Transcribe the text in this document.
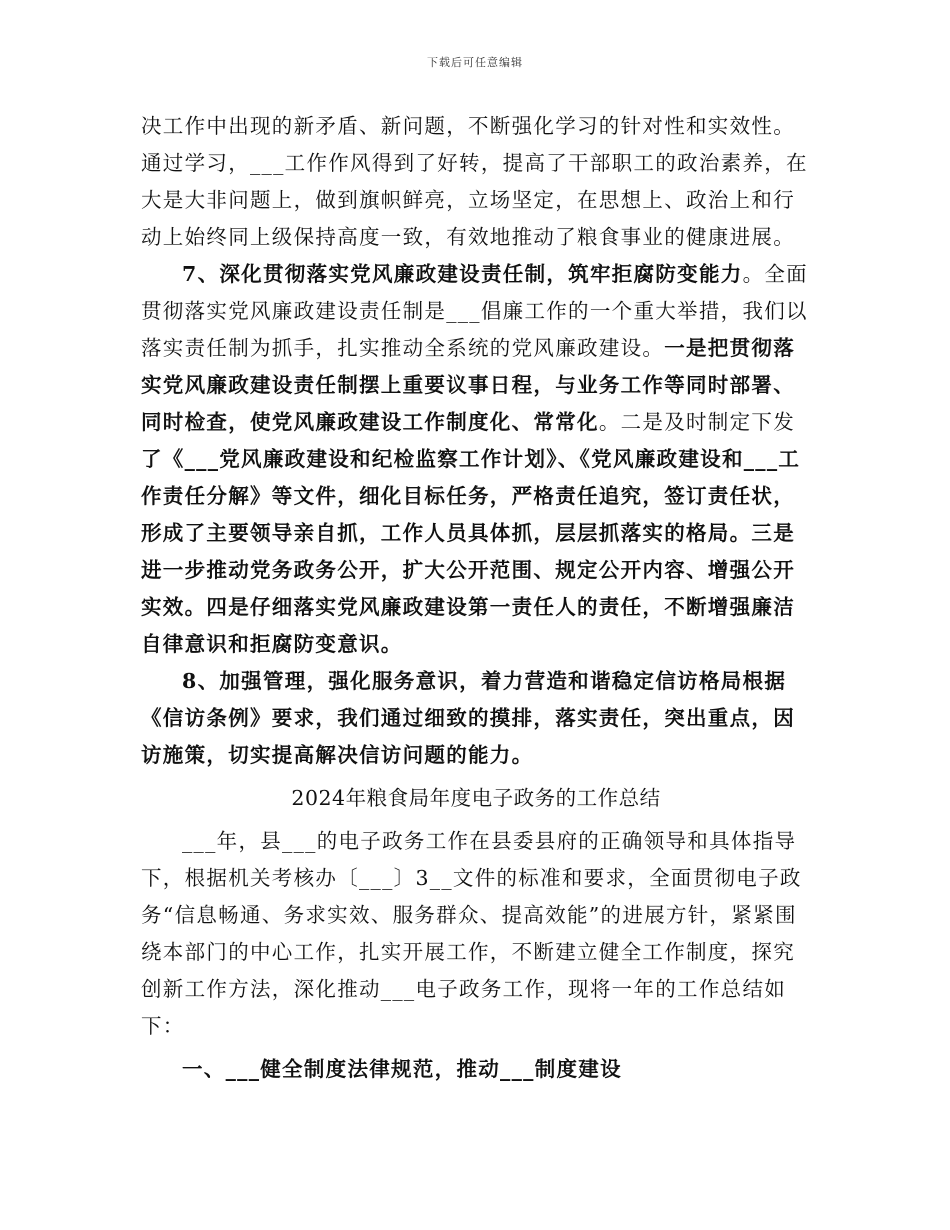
下载后可任意编辑

决工作中出现的新矛盾、新问题，不断强化学习的针对性和实效性。通过学习，___工作作风得到了好转，提高了干部职工的政治素养，在大是大非问题上，做到旗帜鲜亮，立场坚定，在思想上、政治上和行动上始终同上级保持高度一致，有效地推动了粮食事业的健康进展。

7、深化贯彻落实党风廉政建设责任制，筑牢拒腐防变能力。全面贯彻落实党风廉政建设责任制是___倡廉工作的一个重大举措，我们以落实责任制为抓手，扎实推动全系统的党风廉政建设。一是把贯彻落实党风廉政建设责任制摆上重要议事日程，与业务工作等同时部署、同时检查，使党风廉政建设工作制度化、常常化。二是及时制定下发了《___党风廉政建设和纪检监察工作计划》、《党风廉政建设和___工作责任分解》等文件，细化目标任务，严格责任追究，签订责任状，形成了主要领导亲自抓，工作人员具体抓，层层抓落实的格局。三是进一步推动党务政务公开，扩大公开范围、规定公开内容、增强公开实效。四是仔细落实党风廉政建设第一责任人的责任，不断增强廉洁自律意识和拒腐防变意识。

8、加强管理，强化服务意识，着力营造和谐稳定信访格局根据《信访条例》要求，我们通过细致的摸排，落实责任，突出重点，因访施策，切实提高解决信访问题的能力。

2024年粮食局年度电子政务的工作总结

___年，县___的电子政务工作在县委县府的正确领导和具体指导下，根据机关考核办〔___〕3__文件的标准和要求，全面贯彻电子政务“信息畅通、务求实效、服务群众、提高效能”的进展方针，紧紧围绕本部门的中心工作，扎实开展工作，不断建立健全工作制度，探究创新工作方法，深化推动___电子政务工作，现将一年的工作总结如下：

一、___健全制度法律规范，推动___制度建设
